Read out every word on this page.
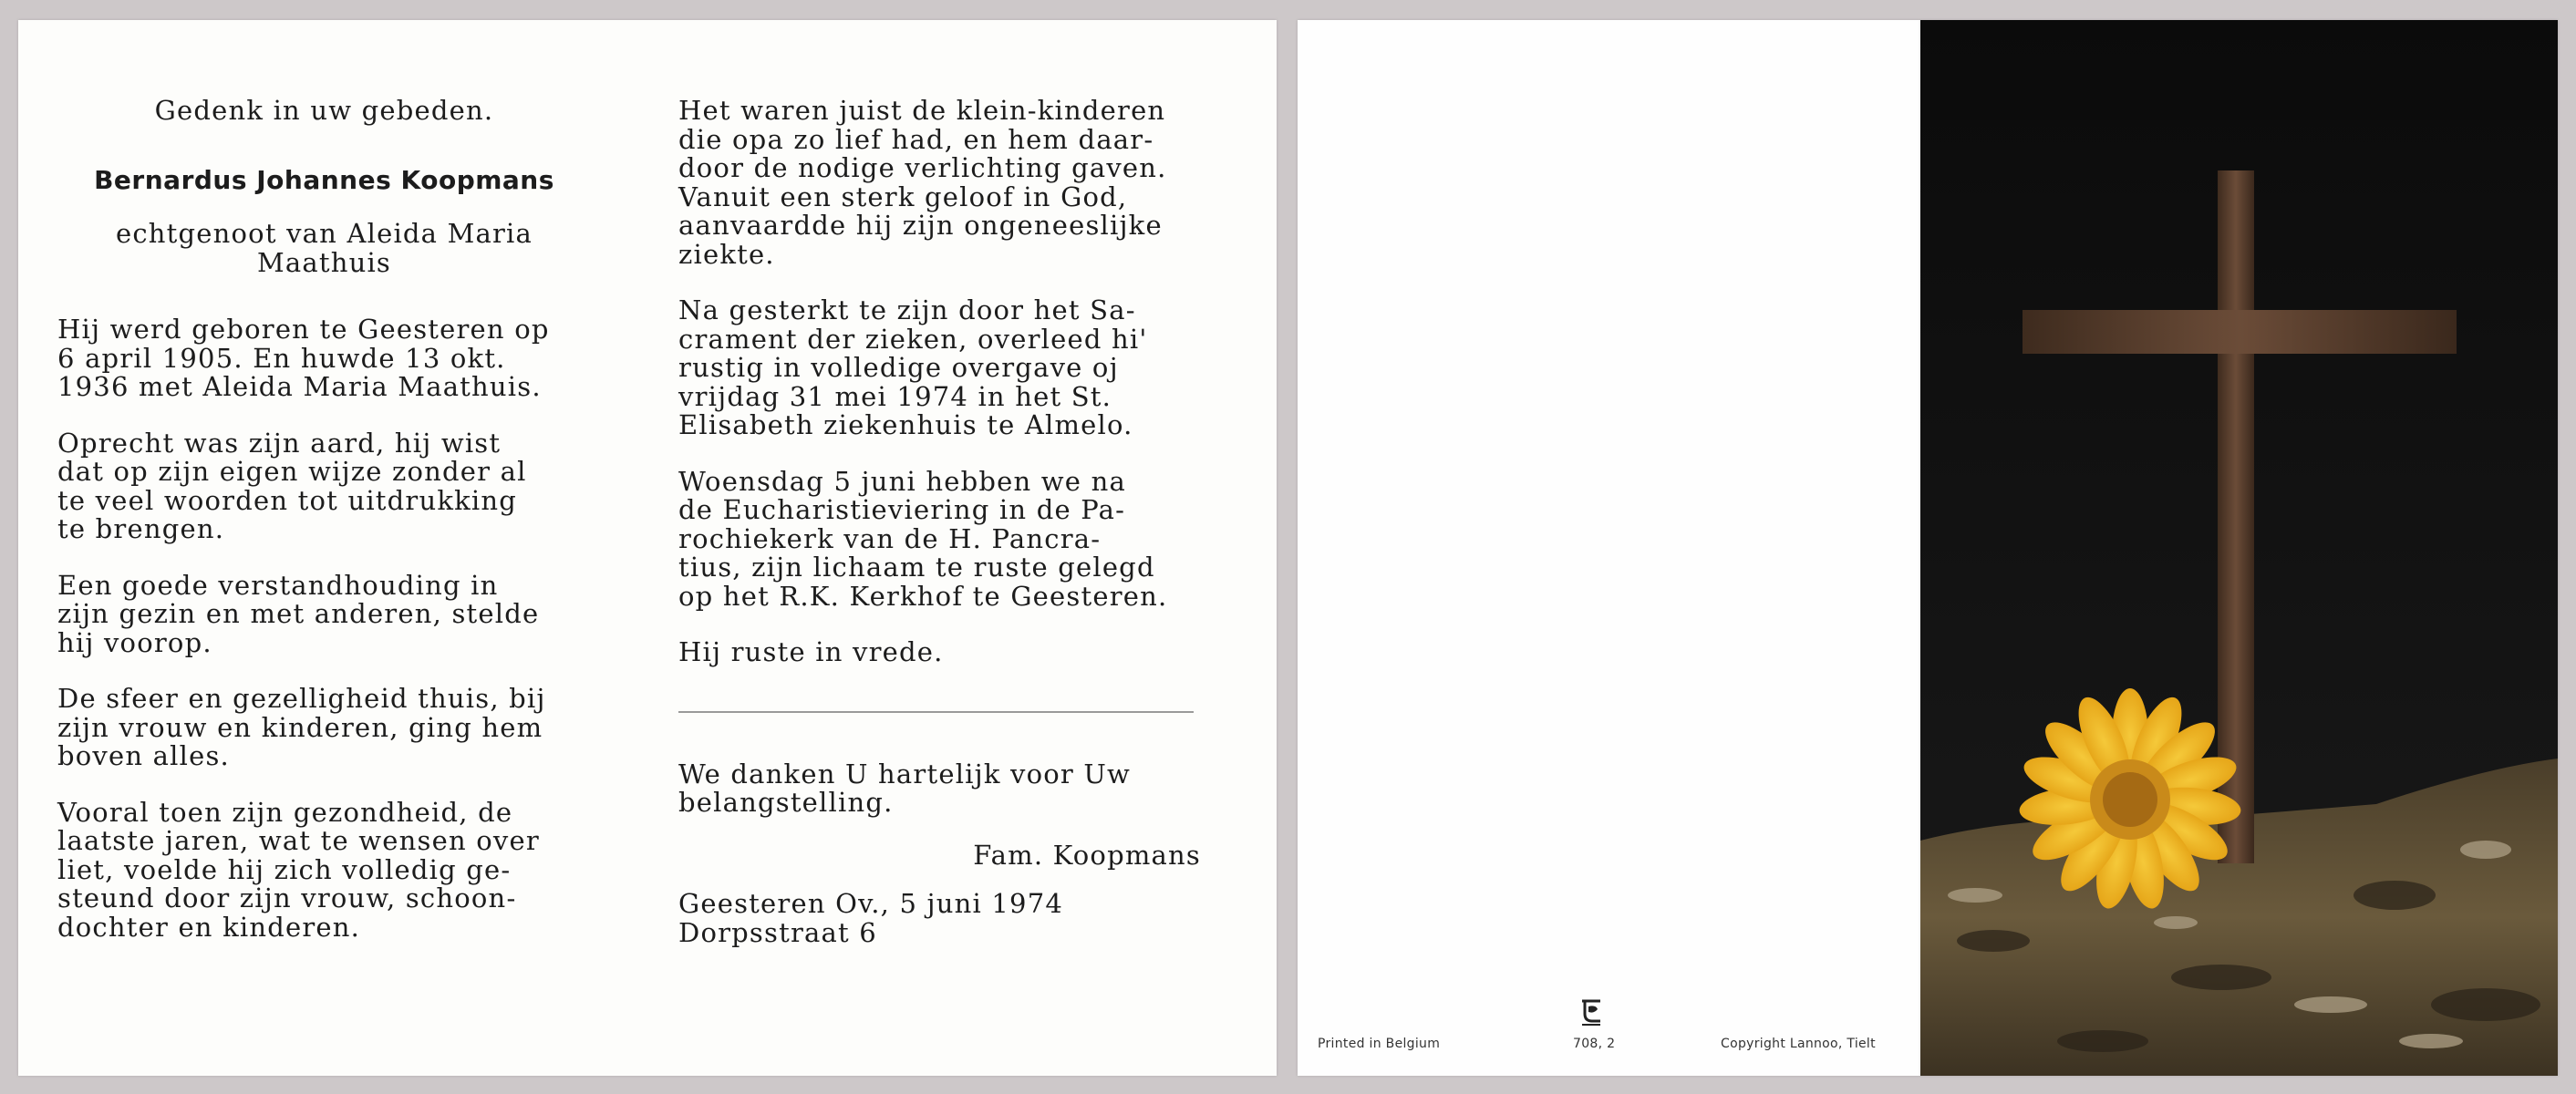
Gedenk in uw gebeden.

Bernardus Johannes Koopmans

echtgenoot van Aleida Maria
Maathuis

Hij werd geboren te Geesteren op
6 april 1905. En huwde 13 okt.
1936 met Aleida Maria Maathuis.

Oprecht was zijn aard, hij wist
dat op zijn eigen wijze zonder al
te veel woorden tot uitdrukking
te brengen.

Een goede verstandhouding in
zijn gezin en met anderen, stelde
hij voorop.

De sfeer en gezelligheid thuis, bij
zijn vrouw en kinderen, ging hem
boven alles.

Vooral toen zijn gezondheid, de
laatste jaren, wat te wensen over
liet, voelde hij zich volledig ge-
steund door zijn vrouw, schoon-
dochter en kinderen.

Het waren juist de klein-kinderen
die opa zo lief had, en hem daar-
door de nodige verlichting gaven.
Vanuit een sterk geloof in God,
aanvaardde hij zijn ongeneeslijke
ziekte.

Na gesterkt te zijn door het Sa-
crament der zieken, overleed hi'
rustig in volledige overgave oj
vrijdag 31 mei 1974 in het St.
Elisabeth ziekenhuis te Almelo.

Woensdag 5 juni hebben we na
de Eucharistieviering in de Pa-
rochiekerk van de H. Pancra-
tius, zijn lichaam te ruste gelegd
op het R.K. Kerkhof te Geesteren.

Hij ruste in vrede.

We danken U hartelijk voor Uw
belangstelling.

Fam. Koopmans

Geesteren Ov., 5 juni 1974
Dorpsstraat 6

Printed in Belgium	708, 2	Copyright Lannoo, Tielt
